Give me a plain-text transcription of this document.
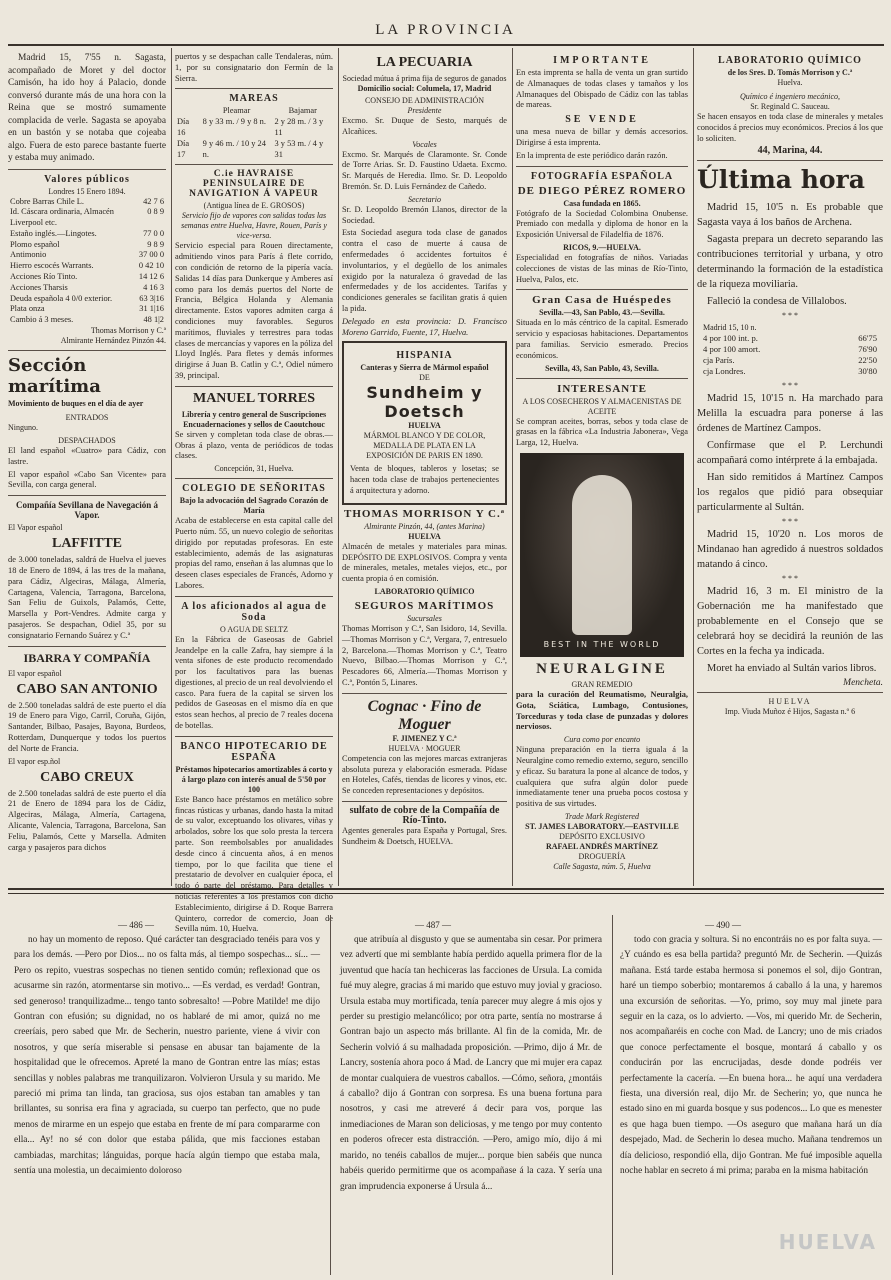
LA PROVINCIA

Madrid 15, 7'55 n. Sagasta, acompañado de Moret y del doctor Camisón, ha ido hoy á Palacio, donde conversó durante más de una hora con la Reina que se mostró sumamente complacida de verle. Sagasta se apoyaba en un bastón y se notaba que cojeaba algo. Fuera de esto parece bastante fuerte y estaba muy animado.

Valores públicos
Londres 15 Enero 1894.
Cobre Barras Chile L.	42 7 6
Id. Cáscara ordinaria, Almacén Liverpool etc.	0 8 9
Estaño inglés.—Lingotes.	77 0 0
Plomo español	9 8 9
Antimonio	37 00 0
Hierro escocés Warrants.	0 42 10
Acciones Río Tinto.	14 12 6
Acciones Tharsis	4 16 3
Deuda española 4 0/0 exterior.	63 3|16
Plata onza	31 1|16
Cambio á 3 meses.	48 1|2
Thomas Morrison y C.ª
Almirante Hernández Pinzón 44.
Sección marítima
Movimiento de buques en el día de ayer
ENTRADOS
Ninguno.
DESPACHADOS

El land español «Cuatro» para Cádiz, con lastre.

El vapor español «Cabo San Vicente» para Sevilla, con carga general.

Compañía Sevillana de Navegación á Vapor.
El Vapor español
LAFFITTE

de 3.000 toneladas, saldrá de Huelva el jueves 18 de Enero de 1894, á las tres de la mañana, para Cádiz, Algeciras, Málaga, Almería, Cartagena, Valencia, Tarragona, Barcelona, San Feliu de Guixols, Palamós, Cette, Marsella y Port-Vendres. Admite carga y pasajeros. Se despachan, Odiel 35, por su consignatario Fernando Suárez y C.ª

IBARRA Y COMPAÑÍA
El vapor español
CABO SAN ANTONIO

de 2.500 toneladas saldrá de este puerto el día 19 de Enero para Vigo, Carril, Coruña, Gijón, Santander, Bilbao, Pasajes, Bayona, Burdeos, Rotterdam, Dunquerque y todos los puertos del Norte de Francia.

El vapor esp.ñol
CABO CREUX

de 2.500 toneladas saldrá de este puerto el día 21 de Enero de 1894 para los de Cádiz, Algeciras, Málaga, Almería, Cartagena, Alicante, Valencia, Tarragona, Barcelona, San Feliu, Palamós, Cette y Marsella. Admiten carga y pasajeros para dichos

puertos y se despachan calle Tendaleras, núm. 1, por su consignatario don Fermín de la Sierra.

MAREAS
	Pleamar	Bajamar
Día 16	8 y 33 m. / 9 y 8 n.	2 y 28 m. / 3 y 11
Día 17	9 y 46 m. / 10 y 24 n.	3 y 53 m. / 4 y 31
C.ie HAVRAISE PENINSULAIRE DE NAVIGATION Á VAPEUR
(Antigua línea de E. GROSOS)
Servicio fijo de vapores con salidas todas las semanas entre Huelva, Havre, Rouen, París y vice-versa.

Servicio especial para Rouen directamente, admitiendo vinos para París á flete corrido, con condición de retorno de la pipería vacía. Salidas 14 días para Dunkerque y Amberes así como para los demás puertos del Norte de Francia, Bélgica Holanda y Alemania directamente. Estos vapores admiten carga á condiciones muy favorables. Seguros marítimos, fluviales y terrestres para todas clases de mercancías y vapores en la póliza del Lloyd Inglés. Para fletes y demás informes dirigirse á Juan B. Catlin y C.ª, Odiel número 39, principal.

MANUEL TORRES
Librería y centro general de Suscripciones
Encuadernaciones y sellos de Caoutchouc

Se sirven y completan toda clase de obras.—Obras á plazo, venta de periódicos de todas clases.

Concepción, 31, Huelva.
COLEGIO DE SEÑORITAS
Bajo la advocación del Sagrado Corazón de María

Acaba de establecerse en esta capital calle del Puerto núm. 55, un nuevo colegio de señoritas dirigido por reputadas profesoras. En este establecimiento, además de las asignaturas propias del ramo, enseñan á las alumnas que lo deseen clases especiales de Francés, Adorno y Labores.

A los aficionados al agua de Soda
O AGUA DE SELTZ

En la Fábrica de Gaseosas de Gabriel Jeandelpe en la calle Zafra, hay siempre á la venta sifones de este producto recomendado por los facultativos para las buenas digestiones, al precio de un real devolviendo el casco. Para fuera de la capital se sirven los pedidos de Gaseosas en el mismo día en que estos sean hechos, al precio de 7 reales docena de botellas.

BANCO HIPOTECARIO DE ESPAÑA
Préstamos hipotecarios amortizables á corto y á largo plazo con interés anual de 5'50 por 100

Este Banco hace préstamos en metálico sobre fincas rústicas y urbanas, dando hasta la mitad de su valor, exceptuando los olivares, viñas y arbolados, sobre los que solo presta la tercera parte. Son reembolsables por anualidades desde cinco á cincuenta años, á en menos tiempo, por lo que facilita que tiene el prestatario de devolver en cualquier época, el todo ó parte del préstamo. Para detalles y noticias referentes á los préstamos con dicho Establecimiento, dirigirse á D. Roque Barrera Quintero, corredor de comercio, Joan de Sevilla núm. 10, Huelva.

LA PECUARIA
Sociedad mútua á prima fija de seguros de ganados
Domicilio social: Columela, 17, Madrid
CONSEJO DE ADMINISTRACIÓN
Presidente

Excmo. Sr. Duque de Sesto, marqués de Alcañices.

Vocales

Excmo. Sr. Marqués de Claramonte. Sr. Conde de Torre Arias. Sr. D. Faustino Udaeta. Excmo. Sr. Marqués de Heredia. Ilmo. Sr. D. Leopoldo Bremón. Sr. D. Luis Fernández de Cañedo.

Secretario

Sr. D. Leopoldo Bremón Llanos, director de la Sociedad.

Esta Sociedad asegura toda clase de ganados contra el caso de muerte á causa de enfermedades ó accidentes fortuitos é involuntarios, y el degüello de los animales exigido por la naturaleza ó gravedad de las enfermedades y de los accidentes. Tarifas y condiciones generales se facilitan gratis á quien la pida.

Delegado en esta provincia: D. Francisco Moreno Garrido, Fuente, 17, Huelva.

HISPANIA
Canteras y Sierra de Mármol español
DE
Sundheim y Doetsch
HUELVA
MÁRMOL BLANCO Y DE COLOR, MEDALLA DE PLATA EN LA EXPOSICIÓN DE PARIS EN 1890.

Venta de bloques, tableros y losetas; se hacen toda clase de trabajos pertenecientes á arquitectura y adorno.

THOMAS MORRISON Y C.ª
Almirante Pinzón, 44, (antes Marina)
HUELVA

Almacén de metales y materiales para minas. DEPÓSITO DE EXPLOSIVOS. Compra y venta de minerales, metales, metales viejos, etc., por cuenta propia ó en comisión.

LABORATORIO QUÍMICO
SEGUROS MARÍTIMOS
Sucursales

Thomas Morrison y C.ª, San Isidoro, 14, Sevilla.—Thomas Morrison y C.ª, Vergara, 7, entresuelo 2, Barcelona.—Thomas Morrison y C.ª, Teatro Nuevo, Bilbao.—Thomas Morrison y C.ª, Pescadores 66, Almería.—Thomas Morrison y C.ª, Pontón 5, Linares.

Cognac · Fino de Moguer
F. JIMENEZ Y C.ª
HUELVA · MOGUER

Competencia con las mejores marcas extranjeras absoluta pureza y elaboración esmerada. Pídase en Hoteles, Cafés, tiendas de licores y vinos, etc. Se conceden representaciones y depósitos.

sulfato de cobre de la Compañía de Río-Tinto.

Agentes generales para España y Portugal, Sres. Sundheim & Doetsch, HUELVA.

IMPORTANTE

En esta imprenta se halla de venta un gran surtido de Almanaques de todas clases y tamaños y los Almanaques del Obispado de Cádiz con las tablas de mareas.

SE VENDE

una mesa nueva de billar y demás accesorios. Dirigirse á esta imprenta.

En la imprenta de este periódico darán razón.

FOTOGRAFÍA ESPAÑOLA
DE DIEGO PÉREZ ROMERO
Casa fundada en 1865.

Fotógrafo de la Sociedad Colombina Onubense. Premiado con medalla y diploma de honor en la Exposición Universal de Filadelfia de 1876.

RICOS, 9.—HUELVA.

Especialidad en fotografías de niños. Variadas colecciones de vistas de las minas de Río-Tinto, Huelva, Palos, etc.

Gran Casa de Huéspedes
Sevilla.—43, San Pablo, 43.—Sevilla.

Situada en lo más céntrico de la capital. Esmerado servicio y espaciosas habitaciones. Departamentos para familias. Servicio esmerado. Precios económicos.

Sevilla, 43, San Pablo, 43, Sevilla.
INTERESANTE
A LOS COSECHEROS Y ALMACENISTAS DE ACEITE

Se compran aceites, borras, sebos y toda clase de grasas en la fábrica «La Industria Jabonera», Vega Larga, 12, Huelva.

BEST IN THE WORLD
NEURALGINE
GRAN REMEDIO

para la curación del Reumatismo, Neuralgia, Gota, Sciática, Lumbago, Contusiones, Torceduras y toda clase de punzadas y dolores nerviosos.

Cura como por encanto

Ninguna preparación en la tierra iguala á la Neuralgine como remedio externo, seguro, sencillo y eficaz. Su baratura la pone al alcance de todos, y cualquiera que sufra algún dolor puede inmediatamente tener una prueba pocos costosa y positiva de sus virtudes.

Trade Mark Registered
ST. JAMES LABORATORY.—EASTVILLE
DEPÓSITO EXCLUSIVO
RAFAEL ANDRÉS MARTÍNEZ
DROGUERÍA
Calle Sagasta, núm. 5, Huelva
LABORATORIO QUÍMICO
de los Sres. D. Tomás Morrison y C.ª
Huelva.
Químico é ingeniero mecánico,
Sr. Reginald C. Sauceau.

Se hacen ensayos en toda clase de minerales y metales conocidos á precios muy económicos. Precios á los que lo soliciten.

44, Marina, 44.
Última hora

Madrid 15, 10'5 n. Es probable que Sagasta vaya á los baños de Archena.

Sagasta prepara un decreto separando las contribuciones territorial y urbana, y otro determinando la formación de la estadística de la riqueza moviliaria.

Falleció la condesa de Villalobos.

* * *
Madrid 15, 10 n.
4 por 100 int. p.	66'75
4 por 100 amort.	76'90
cja París.	22'50
cja Londres.	30'80
* * *

Madrid 15, 10'15 n. Ha marchado para Melilla la escuadra para ponerse á las órdenes de Martínez Campos.

Confírmase que el P. Lerchundi acompañará como intérprete á la embajada.

Han sido remitidos á Martínez Campos los regalos que pidió para obsequiar particularmente al Sultán.

* * *

Madrid 15, 10'20 n. Los moros de Mindanao han agredido á nuestros soldados matando á cinco.

* * *

Madrid 16, 3 m. El ministro de la Gobernación me ha manifestado que probablemente en el Consejo que se celebrará hoy se decidirá la reunión de las Cortes en la fecha ya indicada.

Moret ha enviado al Sultán varios libros.

Mencheta.
HUELVA
Imp. Viuda Muñoz é Hijos, Sagasta n.º 6
— 486 —	— 487 —	— 490 —

no hay un momento de reposo. Qué carácter tan desgraciado tenéis para vos y para los demás. —Pero por Dios... no os falta más, al tiempo sospechas... sí... —Pero os repito, vuestras sospechas no tienen sentido común; reflexionad que os acusarme sin razón, atormentarse sin motivo... —Es verdad, es verdad! Gontran, sed generoso! tranquilizadme... tengo tanto sobresalto! —Pobre Matilde! me dijo Gontran con efusión; su dignidad, no os hablaré de mi amor, quizá no me creeríais, pero sabed que Mr. de Secherin, nuestro pariente, viene á vivir con nosotros, y que sería miserable si pensase en abusar tan bajamente de la hospitalidad que le ofrecemos. Apreté la mano de Gontran entre las mías; estas sencillas y nobles palabras me tranquilizaron. Volvieron Ursula y su marido. Me pareció mi prima tan linda, tan graciosa, sus ojos estaban tan amables y tan brillantes, su sonrisa era fina y agraciada, su cuerpo tan perfecto, que no pude menos de mirarme en un espejo que estaba en frente de mí para compararme con ella... Ay! no sé con dolor que estaba pálida, que mis facciones estaban cambiadas, marchitas; lánguidas, porque hacía algún tiempo que estaba mala, sentía una molestia, un decaimiento doloroso

que atribuía al disgusto y que se aumentaba sin cesar. Por primera vez advertí que mi semblante había perdido aquella primera flor de la juventud que hacía tan hechiceras las facciones de Ursula. La comida fué muy alegre, gracias á mi marido que estuvo muy jovial y gracioso. Ursula estaba muy mortificada, tenía parecer muy alegre á mis ojos y perder su prestigio melancólico; por otra parte, sentía no mostrarse á Gontran bajo un aspecto más brillante. Al fin de la comida, Mr. de Secherin volvió á su malhadada proposición. —Primo, dijo á Mr. de Lancry, sostenía ahora poco á Mad. de Lancry que mi mujer era capaz de montar cualquiera de vuestros caballos. —Cómo, señora, ¿montáis á caballo? dijo á Gontran con sorpresa. Es una buena fortuna para nosotros, y casi me atreveré á decir para vos, porque las inmediaciones de Maran son deliciosas, y me tengo por muy contento en poderos ofrecer esta distracción. —Pero, amigo mío, dijo á mi marido, no tenéis caballos de mujer... porque bien sabéis que nunca habéis querido permitirme que os acompañase á la caza. Y sería una gran imprudencia exponerse á Ursula á...

todo con gracia y soltura. Si no encontráis no es por falta suya. —¿Y cuándo es esa bella partida? preguntó Mr. de Secherin. —Quizás mañana. Está tarde estaba hermosa si ponemos el sol, dijo Gontran, haré un tiempo soberbio; montaremos á caballo á la una, y haremos una excursión de señoritas. —Yo, primo, soy muy mal jinete para seguir en la caza, os lo advierto. —Vos, mi querido Mr. de Secherin, nos acompañaréis en coche con Mad. de Lancry; uno de mis criados que conoce perfectamente el bosque, montará á caballo y os conducirán por las encrucijadas, desde donde podréis ver perfectamente la cacería. —En buena hora... he aquí una verdadera fiesta, una diversión real, dijo Mr. de Secherin; yo, que nunca he estado sino en mi guarda bosque y sus podencos... Lo que es menester es que haga buen tiempo. —Os aseguro que mañana hará un día despejado, Mad. de Secherin lo desea mucho. Mañana tendremos un día delicioso, respondió ella, dijo Gontran. Me fué imposible aquella noche hablar en secreto á mi prima; paraba en la misma habitación

HUELVA
